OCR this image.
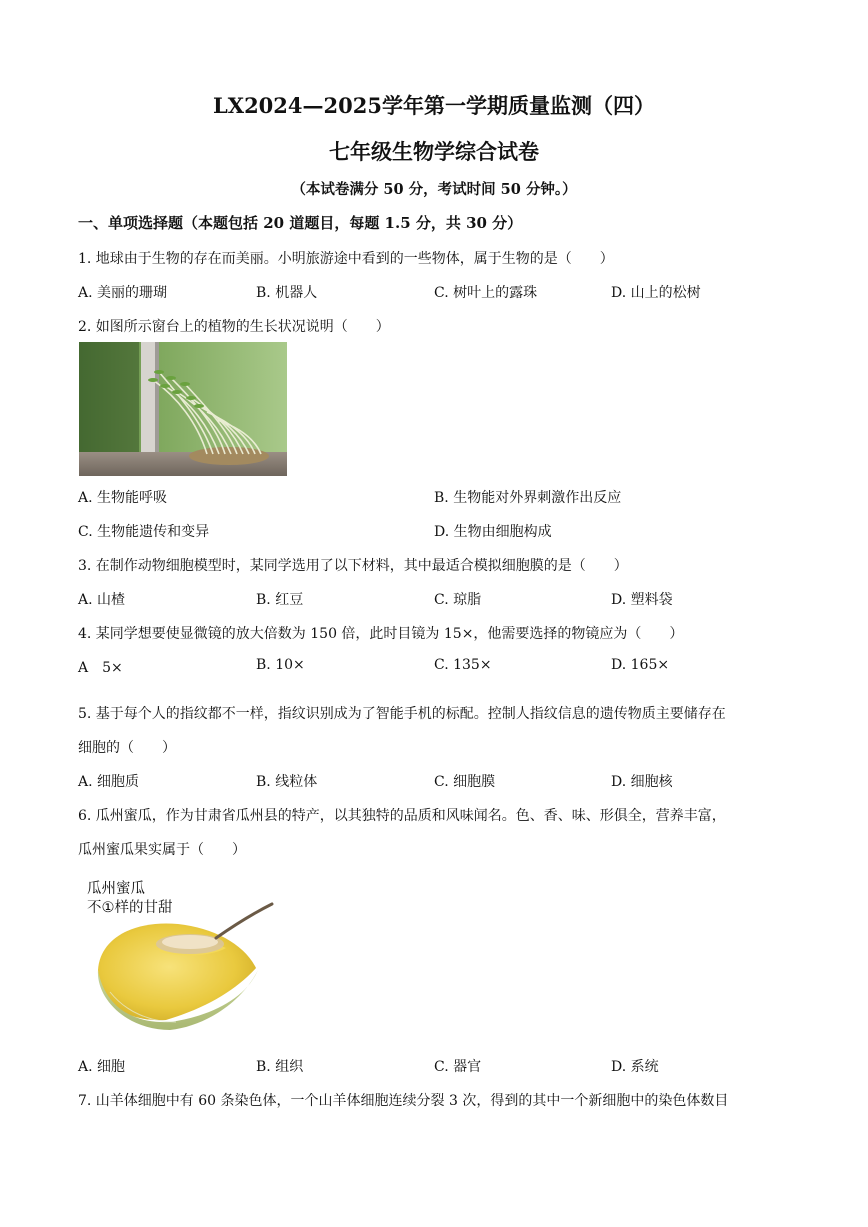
LX2024—2025学年第一学期质量监测（四）
七年级生物学综合试卷
（本试卷满分 50 分，考试时间 50 分钟。）
一、单项选择题（本题包括 20 道题目，每题 1.5 分，共 30 分）
1. 地球由于生物的存在而美丽。小明旅游途中看到的一些物体，属于生物的是（　　）
A. 美丽的珊瑚	B. 机器人	C. 树叶上的露珠	D. 山上的松树
2. 如图所示窗台上的植物的生长状况说明（　　）
A. 生物能呼吸	B. 生物能对外界刺激作出反应
C. 生物能遗传和变异	D. 生物由细胞构成
3. 在制作动物细胞模型时，某同学选用了以下材料，其中最适合模拟细胞膜的是（　　）
A. 山楂	B. 红豆	C. 琼脂	D. 塑料袋
4. 某同学想要使显微镜的放大倍数为 150 倍，此时目镜为 15×，他需要选择的物镜应为（　　）
A　5×	B. 10×	C. 135×	D. 165×
5. 基于每个人的指纹都不一样，指纹识别成为了智能手机的标配。控制人指纹信息的遗传物质主要储存在
细胞的（　　）
A. 细胞质	B. 线粒体	C. 细胞膜	D. 细胞核
6. 瓜州蜜瓜，作为甘肃省瓜州县的特产，以其独特的品质和风味闻名。色、香、味、形俱全，营养丰富，
瓜州蜜瓜果实属于（　　）
瓜州蜜瓜
不①样的甘甜
A. 细胞	B. 组织	C. 器官	D. 系统
7. 山羊体细胞中有 60 条染色体，一个山羊体细胞连续分裂 3 次，得到的其中一个新细胞中的染色体数目
